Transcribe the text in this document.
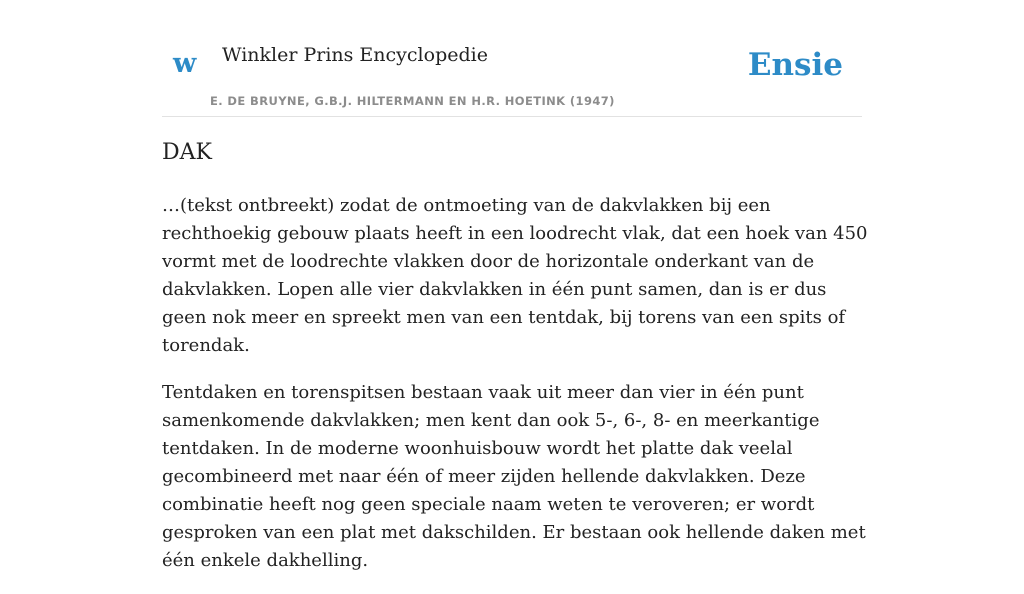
w Winkler Prins Encyclopedie
E. DE BRUYNE, G.B.J. HILTERMANN EN H.R. HOETINK (1947)
Ensie
DAK

…(tekst ontbreekt) zodat de ontmoeting van de dakvlakken bij een rechthoekig gebouw plaats heeft in een loodrecht vlak, dat een hoek van 450 vormt met de loodrechte vlakken door de horizontale onderkant van de dakvlakken. Lopen alle vier dakvlakken in één punt samen, dan is er dus geen nok meer en spreekt men van een tentdak, bij torens van een spits of torendak.

Tentdaken en torenspitsen bestaan vaak uit meer dan vier in één punt samenkomende dakvlakken; men kent dan ook 5-, 6-, 8- en meerkantige tentdaken. In de moderne woonhuisbouw wordt het platte dak veelal gecombineerd met naar één of meer zijden hellende dakvlakken. Deze combinatie heeft nog geen speciale naam weten te veroveren; er wordt gesproken van een plat met dakschilden. Er bestaan ook hellende daken met één enkele dakhelling.
